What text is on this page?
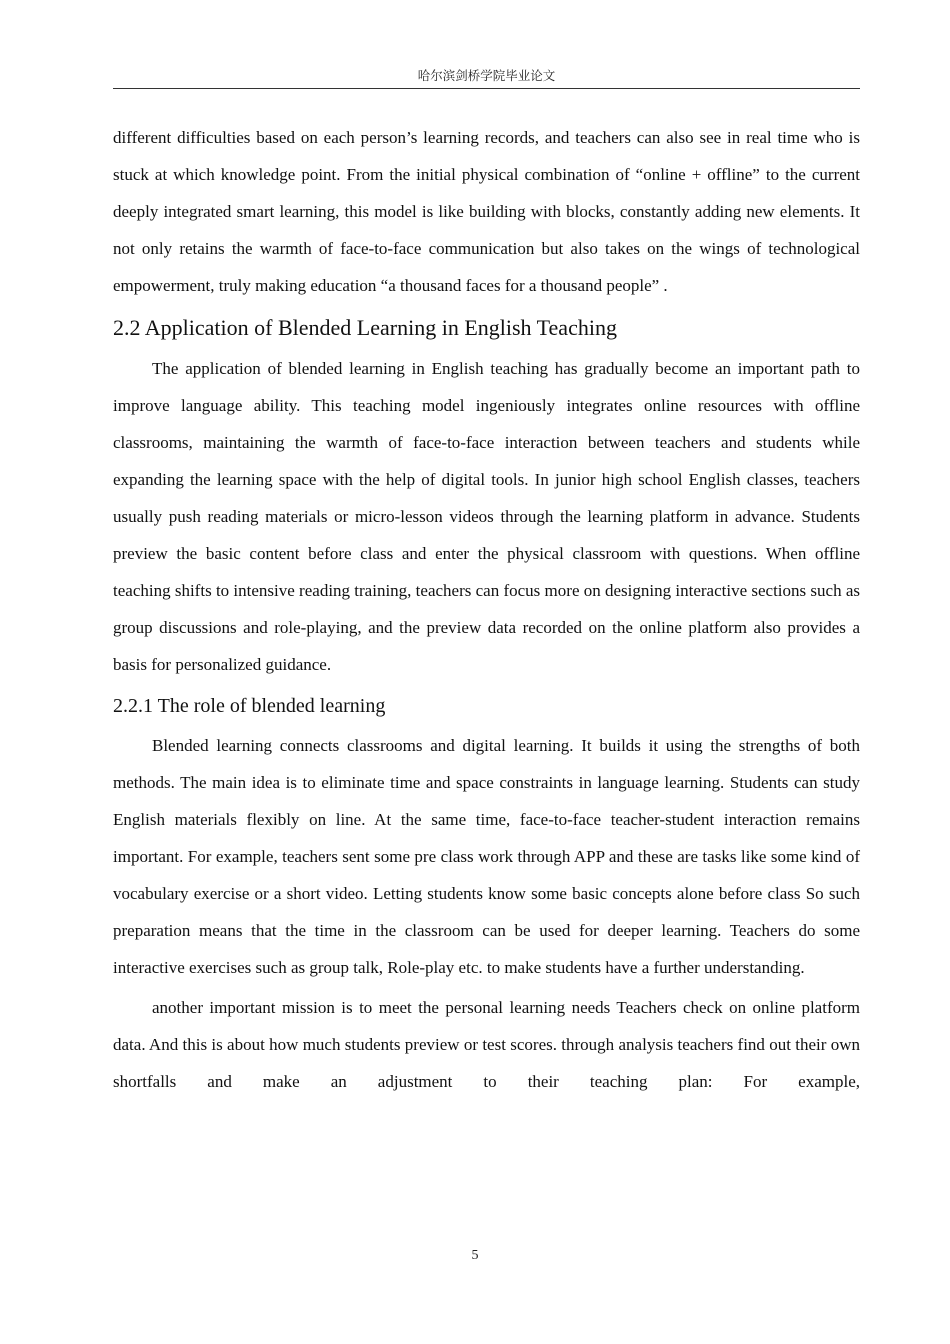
哈尔滨剑桥学院毕业论文

different difficulties based on each person’s learning records, and teachers can also see in real time who is stuck at which knowledge point. From the initial physical combination of “online + offline” to the current deeply integrated smart learning, this model is like building with blocks, constantly adding new elements. It not only retains the warmth of face-to-face communication but also takes on the wings of technological empowerment, truly making education “a thousand faces for a thousand people” .

2.2 Application of Blended Learning in English Teaching

The application of blended learning in English teaching has gradually become an important path to improve language ability. This teaching model ingeniously integrates online resources with offline classrooms, maintaining the warmth of face-to-face interaction between teachers and students while expanding the learning space with the help of digital tools. In junior high school English classes, teachers usually push reading materials or micro-lesson videos through the learning platform in advance. Students preview the basic content before class and enter the physical classroom with questions. When offline teaching shifts to intensive reading training, teachers can focus more on designing interactive sections such as group discussions and role-playing, and the preview data recorded on the online platform also provides a basis for personalized guidance.

2.2.1 The role of blended learning

Blended learning connects classrooms and digital learning. It builds it using the strengths of both methods. The main idea is to eliminate time and space constraints in language learning. Students can study English materials flexibly on line. At the same time, face-to-face teacher-student interaction remains important. For example, teachers sent some pre class work through APP and these are tasks like some kind of vocabulary exercise or a short video. Letting students know some basic concepts alone before class So such preparation means that the time in the classroom can be used for deeper learning. Teachers do some interactive exercises such as group talk, Role-play etc. to make students have a further understanding.

another important mission is to meet the personal learning needs Teachers check on online platform data. And this is about how much students preview or test scores. through analysis teachers find out their own shortfalls and make an adjustment to their teaching plan: For example,

5
